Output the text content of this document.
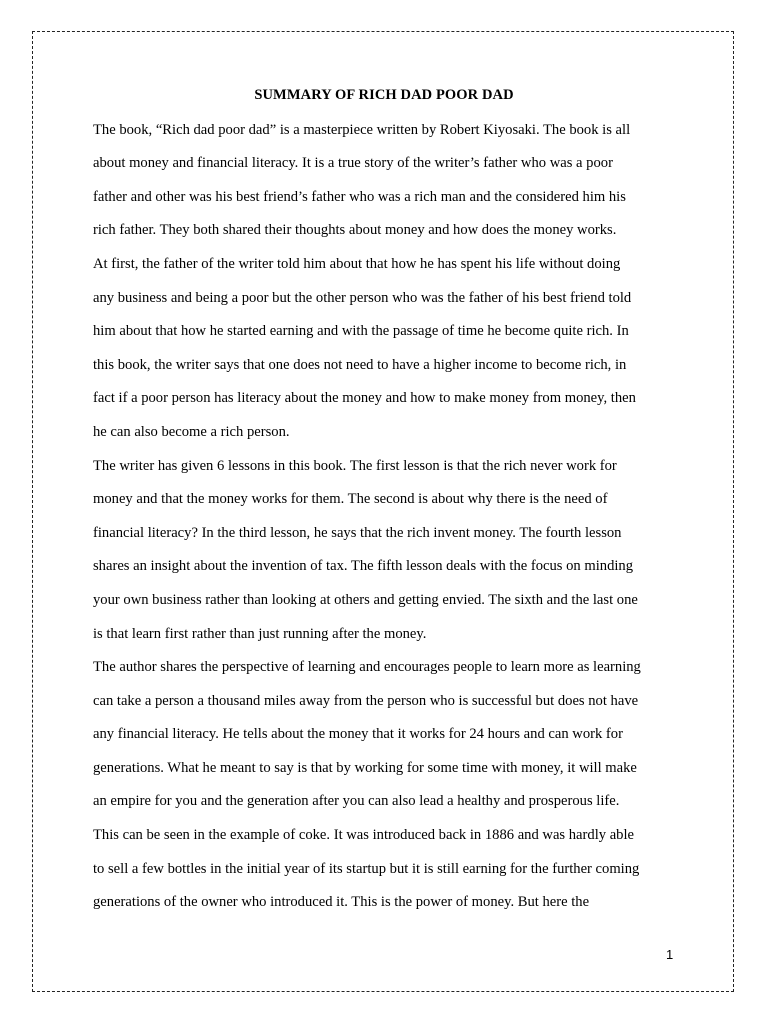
SUMMARY OF RICH DAD POOR DAD

The book, “Rich dad poor dad” is a masterpiece written by Robert Kiyosaki. The book is all

about money and financial literacy. It is a true story of the writer’s father who was a poor

father and other was his best friend’s father who was a rich man and the considered him his

rich father. They both shared their thoughts about money and how does the money works.

At first, the father of the writer told him about that how he has spent his life without doing

any business and being a poor but the other person who was the father of his best friend told

him about that how he started earning and with the passage of time he become quite rich. In

this book, the writer says that one does not need to have a higher income to become rich, in

fact if a poor person has literacy about the money and how to make money from money, then

he can also become a rich person.

The writer has given 6 lessons in this book. The first lesson is that the rich never work for

money and that the money works for them. The second is about why there is the need of

financial literacy? In the third lesson, he says that the rich invent money. The fourth lesson

shares an insight about the invention of tax. The fifth lesson deals with the focus on minding

your own business rather than looking at others and getting envied. The sixth and the last one

is that learn first rather than just running after the money.

The author shares the perspective of learning and encourages people to learn more as learning

can take a person a thousand miles away from the person who is successful but does not have

any financial literacy. He tells about the money that it works for 24 hours and can work for

generations. What he meant to say is that by working for some time with money, it will make

an empire for you and the generation after you can also lead a healthy and prosperous life.

This can be seen in the example of coke. It was introduced back in 1886 and was hardly able

to sell a few bottles in the initial year of its startup but it is still earning for the further coming

generations of the owner who introduced it. This is the power of money. But here the

1
